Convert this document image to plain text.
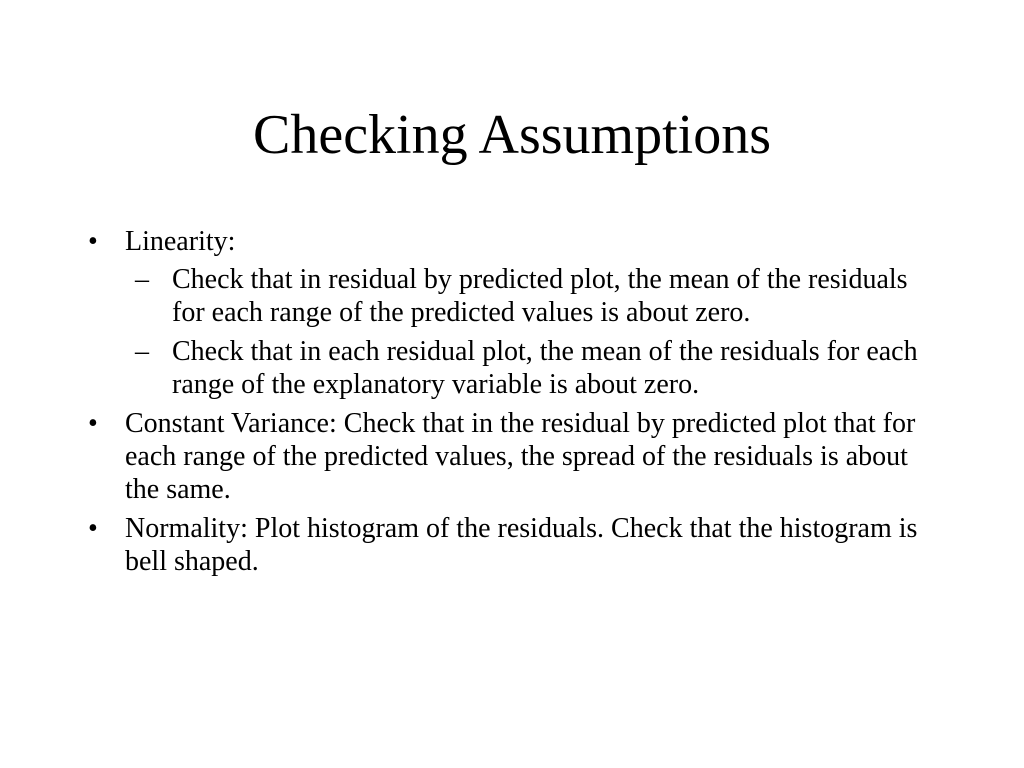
Checking Assumptions
• Linearity:
– Check that in residual by predicted plot, the mean of the residuals for each range of the predicted values is about zero.
– Check that in each residual plot, the mean of the residuals for each range of the explanatory variable is about zero.
• Constant Variance: Check that in the residual by predicted plot that for each range of the predicted values, the spread of the residuals is about the same.
• Normality: Plot histogram of the residuals. Check that the histogram is bell shaped.
